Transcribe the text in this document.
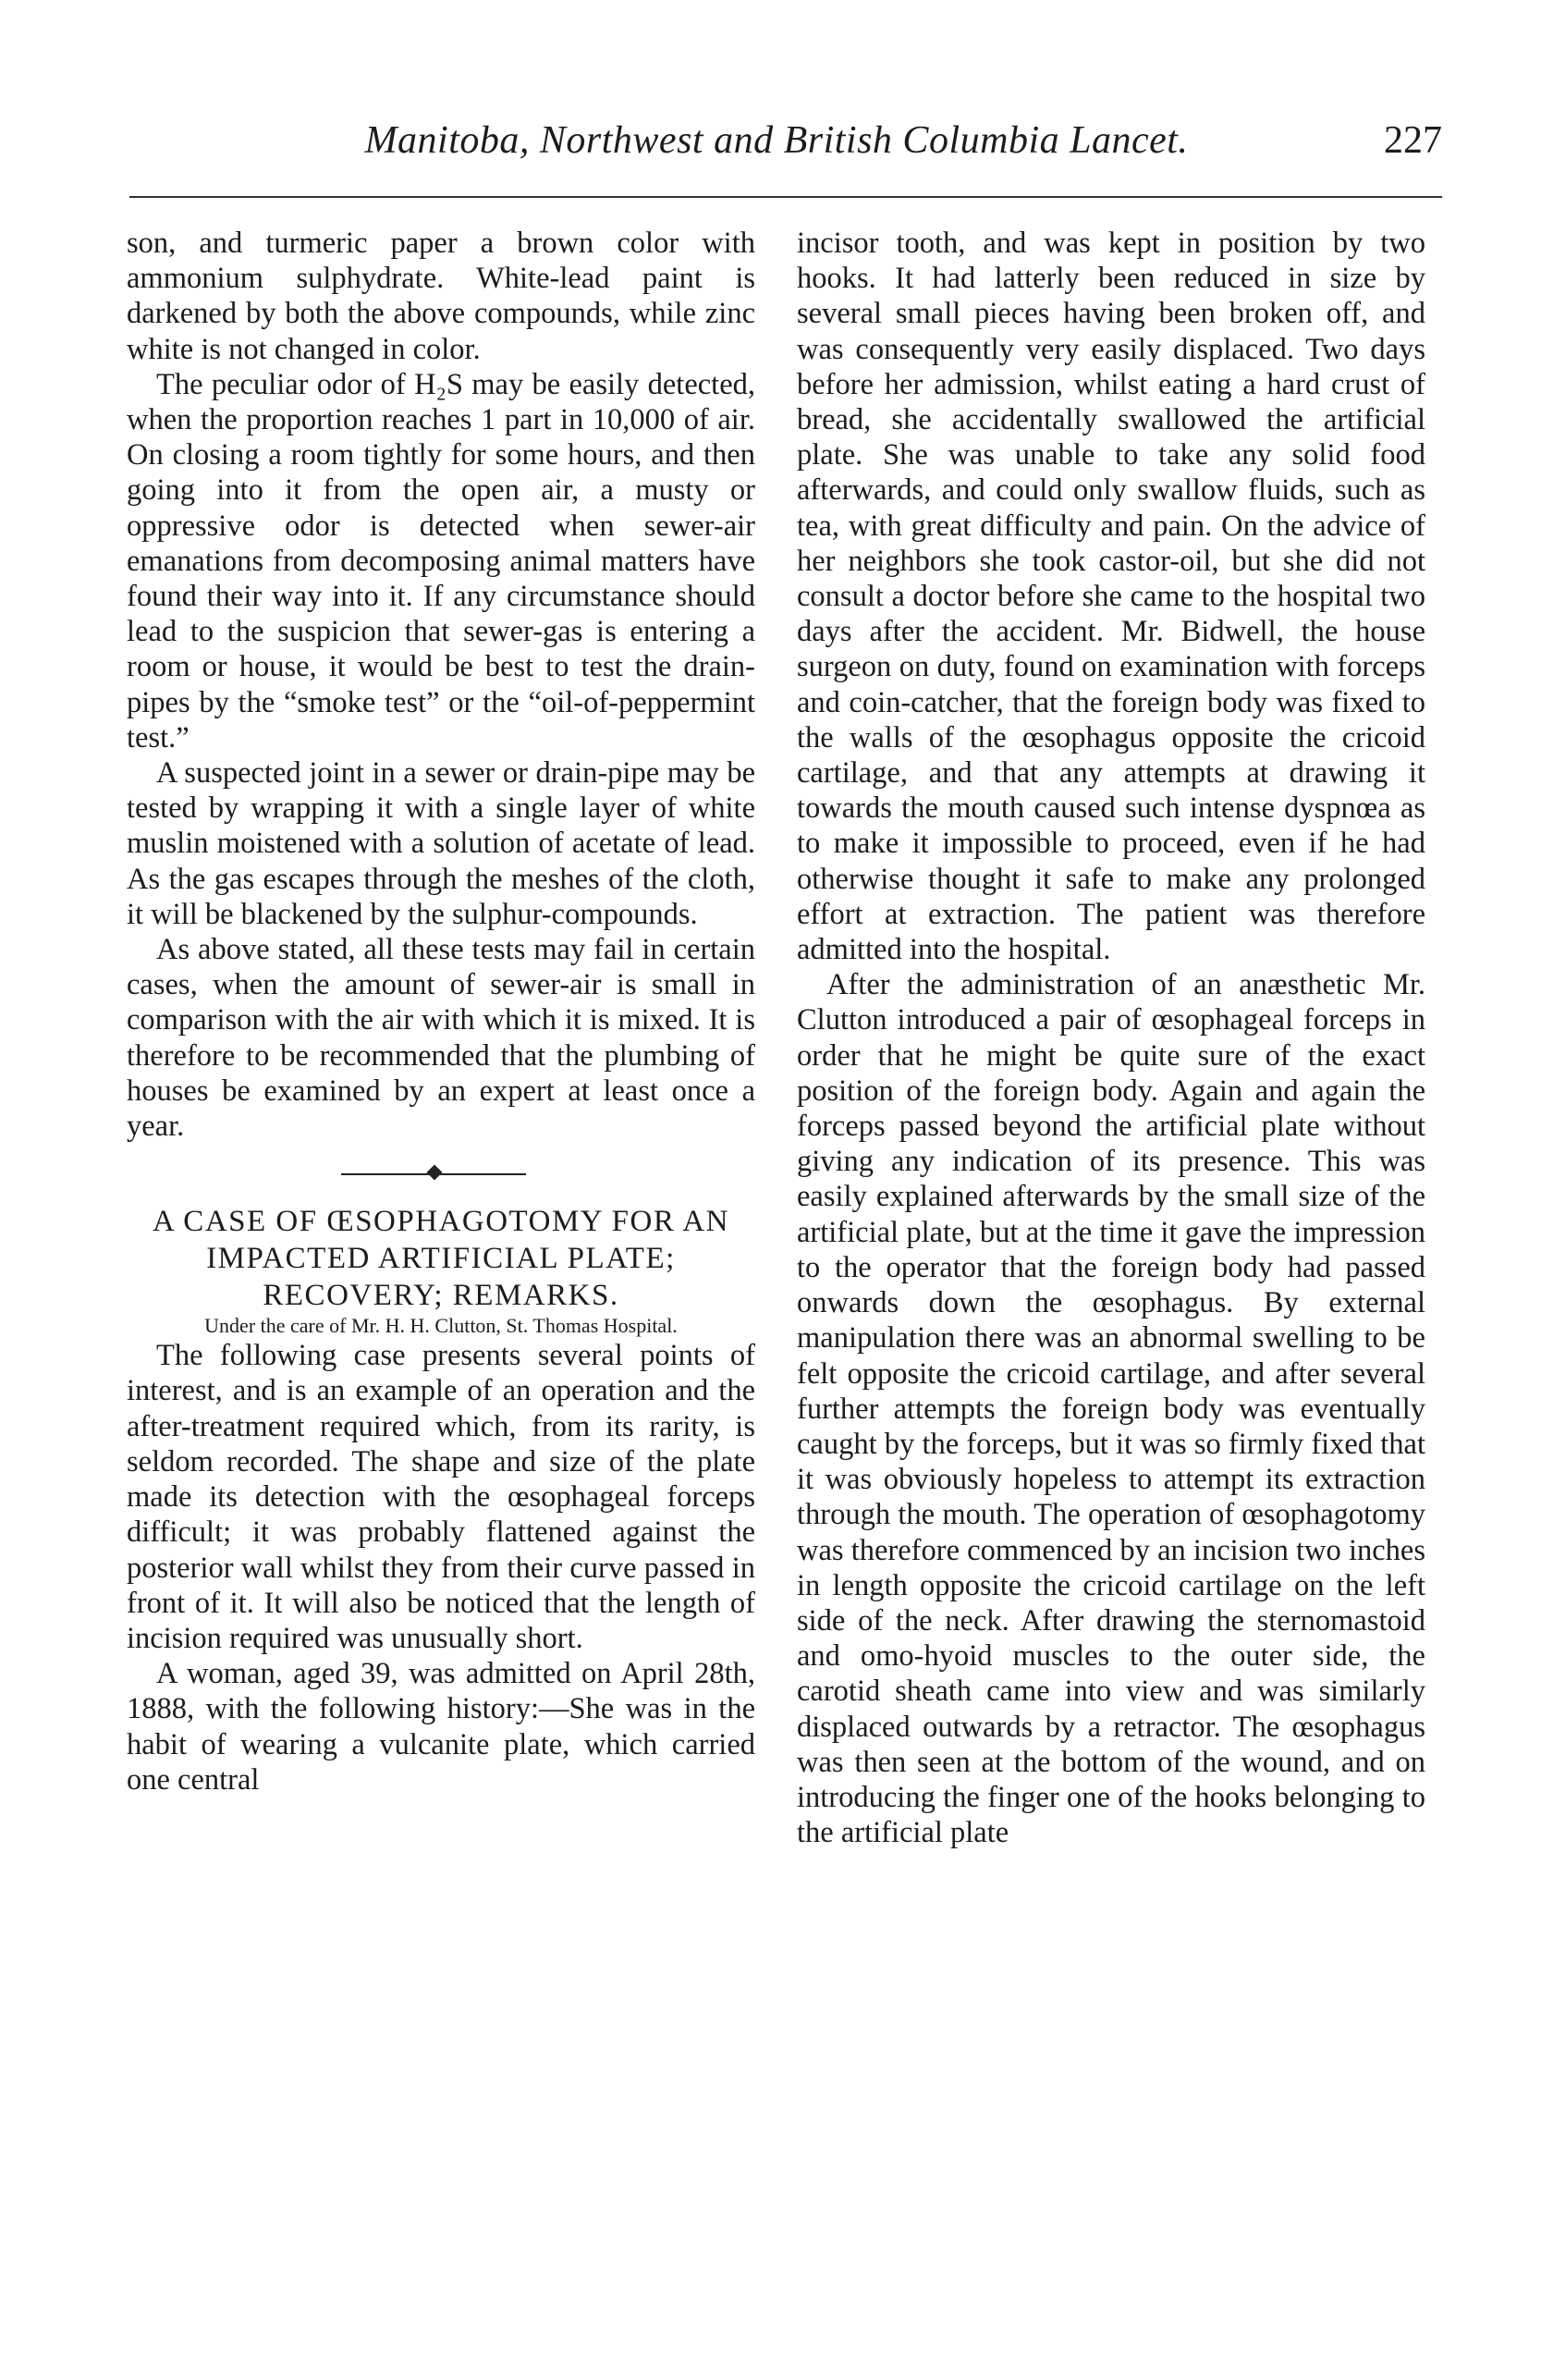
Manitoba, Northwest and British Columbia Lancet.	227

son, and turmeric paper a brown color with ammonium sulphydrate. White-lead paint is darkened by both the above compounds, while zinc white is not changed in color.

The peculiar odor of H₂S may be easily detected, when the proportion reaches 1 part in 10,000 of air. On closing a room tightly for some hours, and then going into it from the open air, a musty or oppressive odor is detected when sewer-air emanations from decomposing animal matters have found their way into it. If any circumstance should lead to the suspicion that sewer-gas is entering a room or house, it would be best to test the drain-pipes by the “smoke test” or the “oil-of-peppermint test.”

A suspected joint in a sewer or drain-pipe may be tested by wrapping it with a single layer of white muslin moistened with a solution of acetate of lead. As the gas escapes through the meshes of the cloth, it will be blackened by the sulphur-compounds.

As above stated, all these tests may fail in certain cases, when the amount of sewer-air is small in comparison with the air with which it is mixed. It is therefore to be recommended that the plumbing of houses be examined by an expert at least once a year.

A CASE OF ŒSOPHAGOTOMY FOR AN IMPACTED ARTIFICIAL PLATE; RECOVERY; REMARKS.

Under the care of Mr. H. H. Clutton, St. Thomas Hospital.

The following case presents several points of interest, and is an example of an operation and the after-treatment required which, from its rarity, is seldom recorded. The shape and size of the plate made its detection with the œsophageal forceps difficult; it was probably flattened against the posterior wall whilst they from their curve passed in front of it. It will also be noticed that the length of incision required was unusually short.

A woman, aged 39, was admitted on April 28th, 1888, with the following history:—She was in the habit of wearing a vulcanite plate, which carried one central

incisor tooth, and was kept in position by two hooks. It had latterly been reduced in size by several small pieces having been broken off, and was consequently very easily displaced. Two days before her admission, whilst eating a hard crust of bread, she accidentally swallowed the artificial plate. She was unable to take any solid food afterwards, and could only swallow fluids, such as tea, with great difficulty and pain. On the advice of her neighbors she took castor-oil, but she did not consult a doctor before she came to the hospital two days after the accident. Mr. Bidwell, the house surgeon on duty, found on examination with forceps and coin-catcher, that the foreign body was fixed to the walls of the œsophagus opposite the cricoid cartilage, and that any attempts at drawing it towards the mouth caused such intense dyspnœa as to make it impossible to proceed, even if he had otherwise thought it safe to make any prolonged effort at extraction. The patient was therefore admitted into the hospital.

After the administration of an anæsthetic Mr. Clutton introduced a pair of œsophageal forceps in order that he might be quite sure of the exact position of the foreign body. Again and again the forceps passed beyond the artificial plate without giving any indication of its presence. This was easily explained afterwards by the small size of the artificial plate, but at the time it gave the impression to the operator that the foreign body had passed onwards down the œsophagus. By external manipulation there was an abnormal swelling to be felt opposite the cricoid cartilage, and after several further attempts the foreign body was eventually caught by the forceps, but it was so firmly fixed that it was obviously hopeless to attempt its extraction through the mouth. The operation of œsophagotomy was therefore commenced by an incision two inches in length opposite the cricoid cartilage on the left side of the neck. After drawing the sternomastoid and omo-hyoid muscles to the outer side, the carotid sheath came into view and was similarly displaced outwards by a retractor. The œsophagus was then seen at the bottom of the wound, and on introducing the finger one of the hooks belonging to the artificial plate
